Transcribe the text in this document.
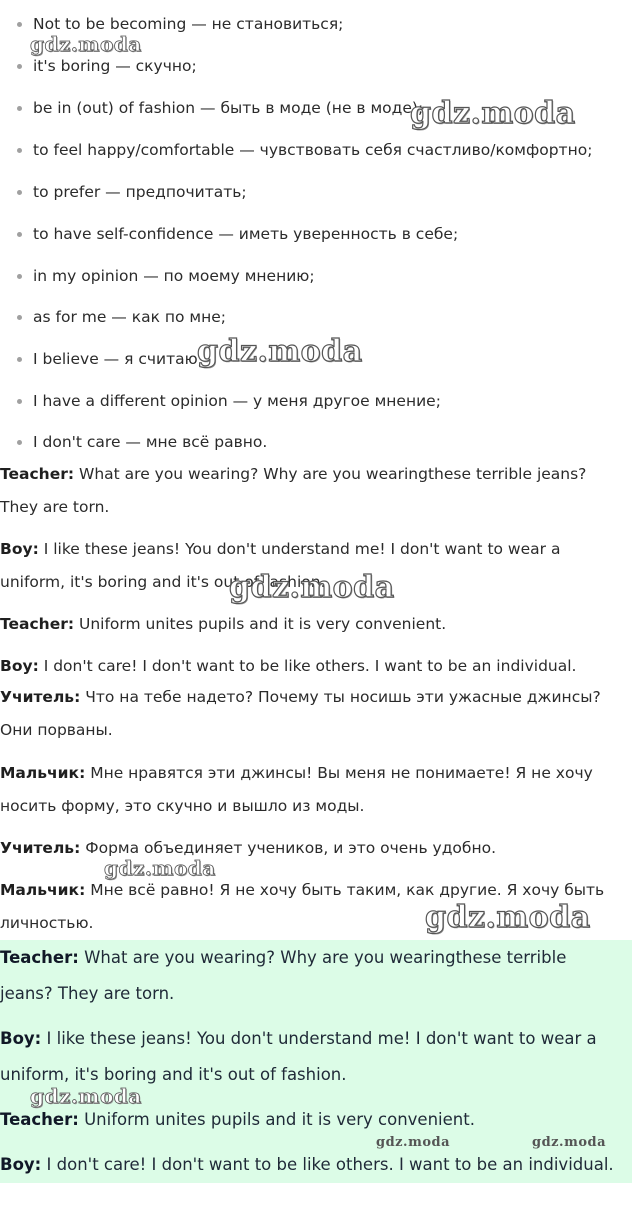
Not to be becoming — не становиться;
it's boring — скучно;
be in (out) of fashion — быть в моде (не в моде);
to feel happy/comfortable — чувствовать себя счастливо/комфортно;
to prefer — предпочитать;
to have self-confidence — иметь уверенность в себе;
in my opinion — по моему мнению;
as for me — как по мне;
I believe — я считаю;
I have a different opinion — у меня другое мнение;
I don't care — мне всё равно.

Teacher: What are you wearing? Why are you wearingthese terrible jeans? They are torn.

Boy: I like these jeans! You don't understand me! I don't want to wear a uniform, it's boring and it's out of fashion.

Teacher: Uniform unites pupils and it is very convenient.

Boy: I don't care! I don't want to be like others. I want to be an individual.

Учитель: Что на тебе надето? Почему ты носишь эти ужасные джинсы? Они порваны.

Мальчик: Мне нравятся эти джинсы! Вы меня не понимаете! Я не хочу носить форму, это скучно и вышло из моды.

Учитель: Форма объединяет учеников, и это очень удобно.

Мальчик: Мне всё равно! Я не хочу быть таким, как другие. Я хочу быть личностью.

Teacher: What are you wearing? Why are you wearingthese terrible jeans? They are torn.

Boy: I like these jeans! You don't understand me! I don't want to wear a uniform, it's boring and it's out of fashion.

Teacher: Uniform unites pupils and it is very convenient.

Boy: I don't care! I don't want to be like others. I want to be an individual.

gdz.moda
gdz.moda
gdz.moda
gdz.moda
gdz.moda
gdz.moda
gdz.moda
gdz.moda	gdz.moda
